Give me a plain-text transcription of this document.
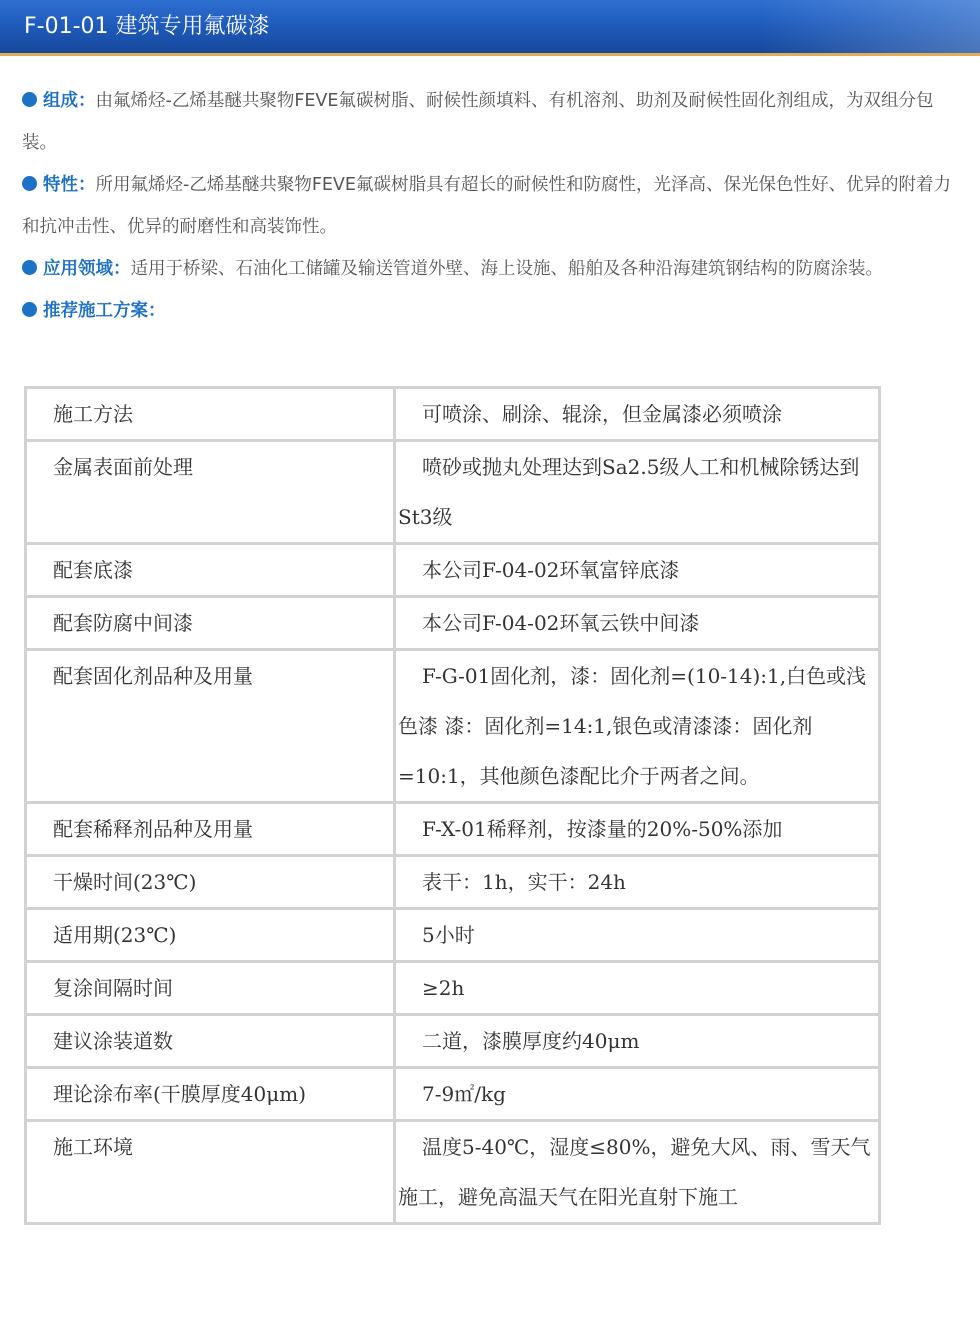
F-01-01 建筑专用氟碳漆

组成：由氟烯烃-乙烯基醚共聚物FEVE氟碳树脂、耐候性颜填料、有机溶剂、助剂及耐候性固化剂组成，为双组分包装。

特性：所用氟烯烃-乙烯基醚共聚物FEVE氟碳树脂具有超长的耐候性和防腐性，光泽高、保光保色性好、优异的附着力和抗冲击性、优异的耐磨性和高装饰性。

应用领域：适用于桥梁、石油化工储罐及输送管道外壁、海上设施、船舶及各种沿海建筑钢结构的防腐涂装。

推荐施工方案：

施工方法	可喷涂、刷涂、辊涂，但金属漆必须喷涂
金属表面前处理	喷砂或抛丸处理达到Sa2.5级人工和机械除锈达到St3级
配套底漆	本公司F-04-02环氧富锌底漆
配套防腐中间漆	本公司F-04-02环氧云铁中间漆
配套固化剂品种及用量	F-G-01固化剂，漆：固化剂=(10-14):1,白色或浅色漆 漆：固化剂=14:1,银色或清漆漆：固化剂=10:1，其他颜色漆配比介于两者之间。
配套稀释剂品种及用量	F-X-01稀释剂，按漆量的20%-50%添加
干燥时间(23℃)	表干：1h，实干：24h
适用期(23℃)	5小时
复涂间隔时间	≥2h
建议涂装道数	二道，漆膜厚度约40μm
理论涂布率(干膜厚度40μm)	7-9㎡/kg
施工环境	温度5-40℃，湿度≤80%，避免大风、雨、雪天气施工，避免高温天气在阳光直射下施工
